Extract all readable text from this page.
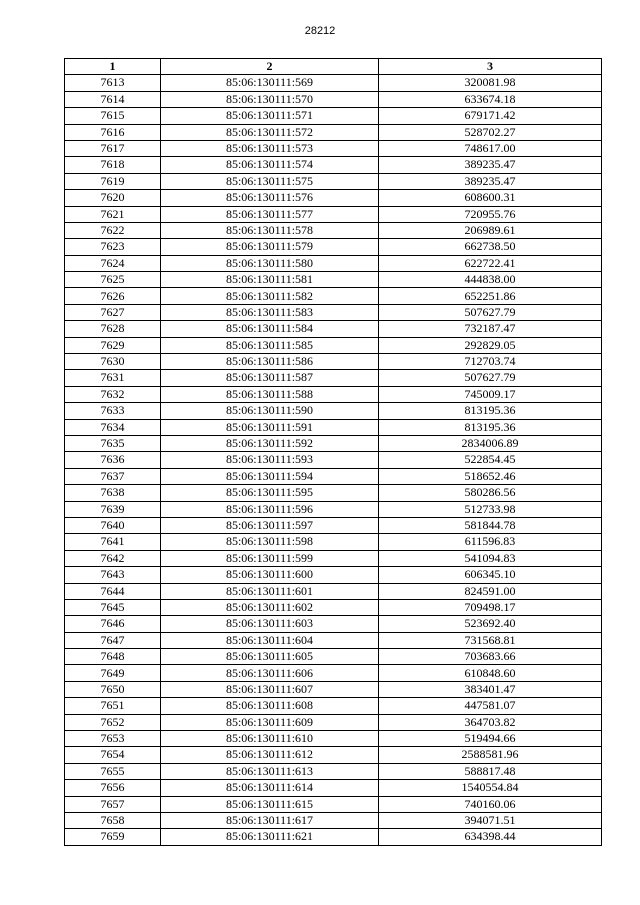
28212
1	2	3
7613	85:06:130111:569	320081.98
7614	85:06:130111:570	633674.18
7615	85:06:130111:571	679171.42
7616	85:06:130111:572	528702.27
7617	85:06:130111:573	748617.00
7618	85:06:130111:574	389235.47
7619	85:06:130111:575	389235.47
7620	85:06:130111:576	608600.31
7621	85:06:130111:577	720955.76
7622	85:06:130111:578	206989.61
7623	85:06:130111:579	662738.50
7624	85:06:130111:580	622722.41
7625	85:06:130111:581	444838.00
7626	85:06:130111:582	652251.86
7627	85:06:130111:583	507627.79
7628	85:06:130111:584	732187.47
7629	85:06:130111:585	292829.05
7630	85:06:130111:586	712703.74
7631	85:06:130111:587	507627.79
7632	85:06:130111:588	745009.17
7633	85:06:130111:590	813195.36
7634	85:06:130111:591	813195.36
7635	85:06:130111:592	2834006.89
7636	85:06:130111:593	522854.45
7637	85:06:130111:594	518652.46
7638	85:06:130111:595	580286.56
7639	85:06:130111:596	512733.98
7640	85:06:130111:597	581844.78
7641	85:06:130111:598	611596.83
7642	85:06:130111:599	541094.83
7643	85:06:130111:600	606345.10
7644	85:06:130111:601	824591.00
7645	85:06:130111:602	709498.17
7646	85:06:130111:603	523692.40
7647	85:06:130111:604	731568.81
7648	85:06:130111:605	703683.66
7649	85:06:130111:606	610848.60
7650	85:06:130111:607	383401.47
7651	85:06:130111:608	447581.07
7652	85:06:130111:609	364703.82
7653	85:06:130111:610	519494.66
7654	85:06:130111:612	2588581.96
7655	85:06:130111:613	588817.48
7656	85:06:130111:614	1540554.84
7657	85:06:130111:615	740160.06
7658	85:06:130111:617	394071.51
7659	85:06:130111:621	634398.44
